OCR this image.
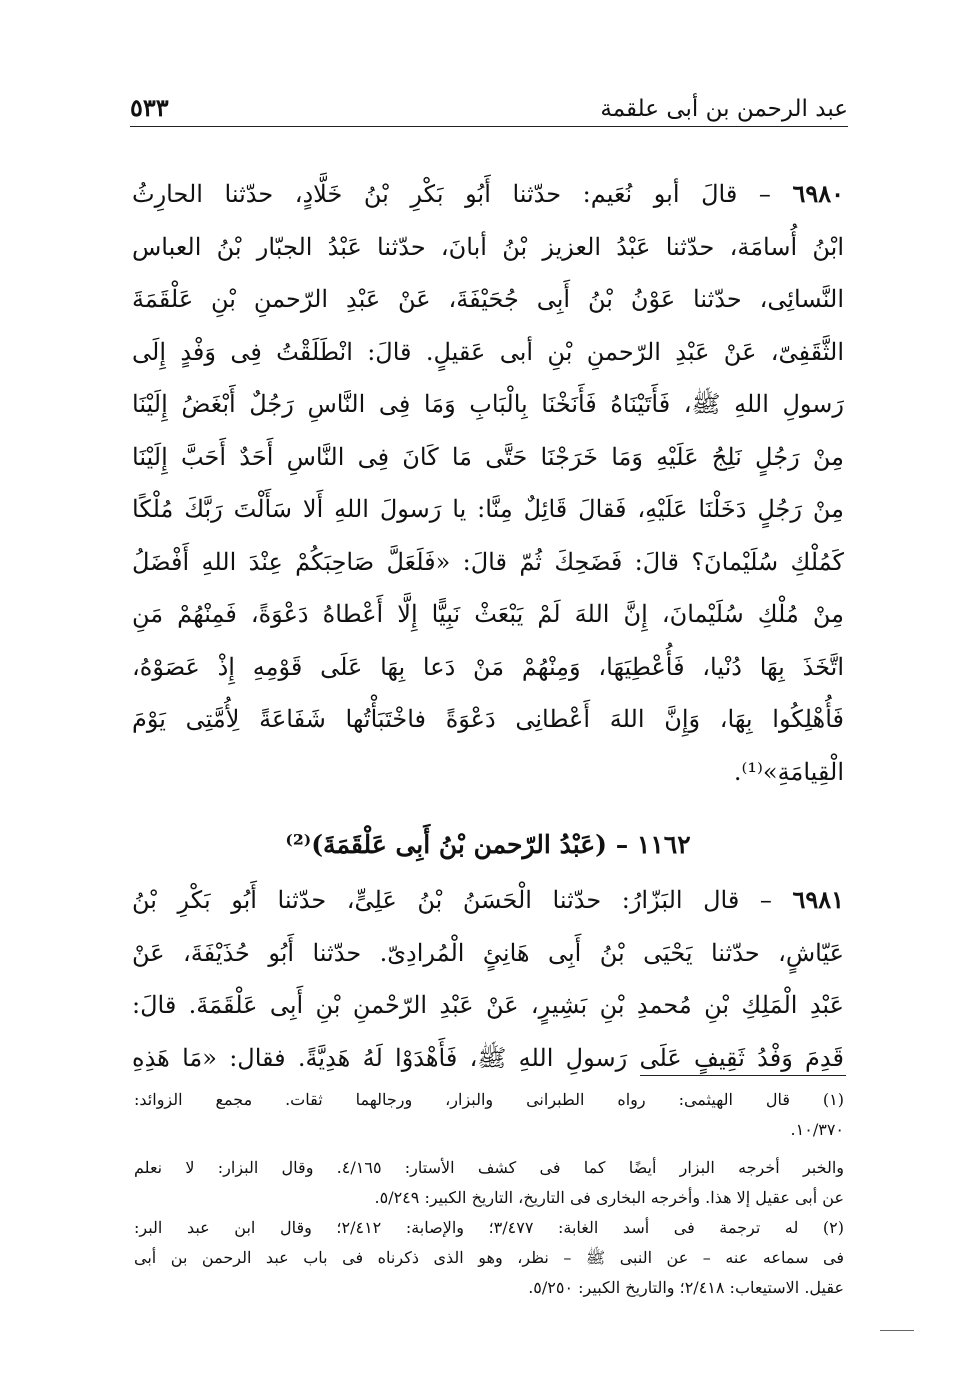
عبد الرحمن بن أبى علقمة
٥٣٣
٦٩٨٠ – قالَ أبو نُعَيم: حدّثنا أَبُو بَكْرِ بْنُ خَلَّادٍ، حدّثنا الحارِثُ
ابْنُ أُسامَة، حدّثنا عَبْدُ العزيز بْنُ أبانَ، حدّثنا عَبْدُ الجبّار بْنُ العباس
النَّسائِى، حدّثنا عَوْنُ بْنُ أَبِى جُحَيْفَةَ، عَنْ عَبْدِ الرّحمنِ بْنِ عَلْقَمَةَ
الثَّقَفِىّ، عَنْ عَبْدِ الرّحمنِ بْنِ أبى عَقيلٍ. قالَ: انْطَلَقْتُ فِى وَفْدٍ إِلَى
رَسولِ اللهِ ﷺ، فَأَتَيْنَاهُ فَأَنَخْنَا بِالْبَابِ وَمَا فِى النَّاسِ رَجُلٌ أَبْغَضُ إِلَيْنَا
مِنْ رَجُلٍ نَلِجُ عَلَيْهِ وَمَا خَرَجْنَا حَتَّى مَا كَانَ فِى النَّاسِ أَحَدٌ أَحَبَّ إِلَيْنَا
مِنْ رَجُلٍ دَخَلْنَا عَلَيْهِ، فَقالَ قَائِلٌ مِنَّا: يا رَسولَ اللهِ أَلا سَأَلْتَ رَبَّكَ مُلْكًا
كَمُلْكِ سُلَيْمانَ؟ قالَ: فَضَحِكَ ثُمّ قالَ: «فَلَعَلَّ صَاحِبَكُمْ عِنْدَ اللهِ أَفْضَلُ
مِنْ مُلْكِ سُلَيْمانَ، إِنَّ اللهَ لَمْ يَبْعَثْ نَبِيًّا إِلَّا أَعْطاهُ دَعْوَةً، فَمِنْهُمْ مَنِ
اتَّخَذَ بِهَا دُنْيا، فَأُعْطِيَهَا، وَمِنْهُمْ مَنْ دَعا بِهَا عَلَى قَوْمِهِ إِذْ عَصَوْهُ،
فَأُهْلِكُوا بِهَا، وَإِنَّ اللهَ أَعْطانِى دَعْوَةً فاخْتَبَأْتُها شَفَاعَةً لِأُمَّتِى يَوْمَ
الْقِيامَةِ»⁽¹⁾.
١١٦٢ – (عَبْدُ الرّحمن بْنُ أَبِى عَلْقَمَةَ)⁽²⁾
٦٩٨١ – قال البَزّارُ: حدّثنا الْحَسَنُ بْنُ عَلِىٍّ، حدّثنا أَبُو بَكْرِ بْنُ
عَيّاشٍ، حدّثنا يَحْيَى بْنُ أَبِى هَانِئٍ الْمُرادِىّ. حدّثنا أَبُو حُذَيْفَةَ، عَنْ
عَبْدِ الْمَلِكِ بْنِ مُحمدِ بْنِ بَشِيرٍ، عَنْ عَبْدِ الرّحْمنِ بْنِ أَبِى عَلْقَمَةَ. قالَ:
قَدِمَ وَفْدُ ثَقِيفٍ عَلَى رَسولِ اللهِ ﷺ، فَأَهْدَوْا لَهُ هَدِيَّةً. فقال: «مَا هَذِهِ
(١) قال الهيثمى: رواه الطبرانى والبزار، ورجالهما ثقات. مجمع الزوائد:
١٠/٣٧٠.
والخبر أخرجه البزار أيضًا كما فى كشف الأستار: ٤/١٦٥. وقال البزار: لا نعلم
عن أبى عقيل إلا هذا. وأخرجه البخارى فى التاريخ، التاريخ الكبير: ٥/٢٤٩.
(٢) له ترجمة فى أسد الغابة: ٣/٤٧٧؛ والإصابة: ٢/٤١٢؛ وقال ابن عبد البر:
فى سماعه عنه – عن النبى ﷺ – نظر، وهو الذى ذكرناه فى باب عبد الرحمن بن أبى
عقيل. الاستيعاب: ٢/٤١٨؛ والتاريخ الكبير: ٥/٢٥٠.
